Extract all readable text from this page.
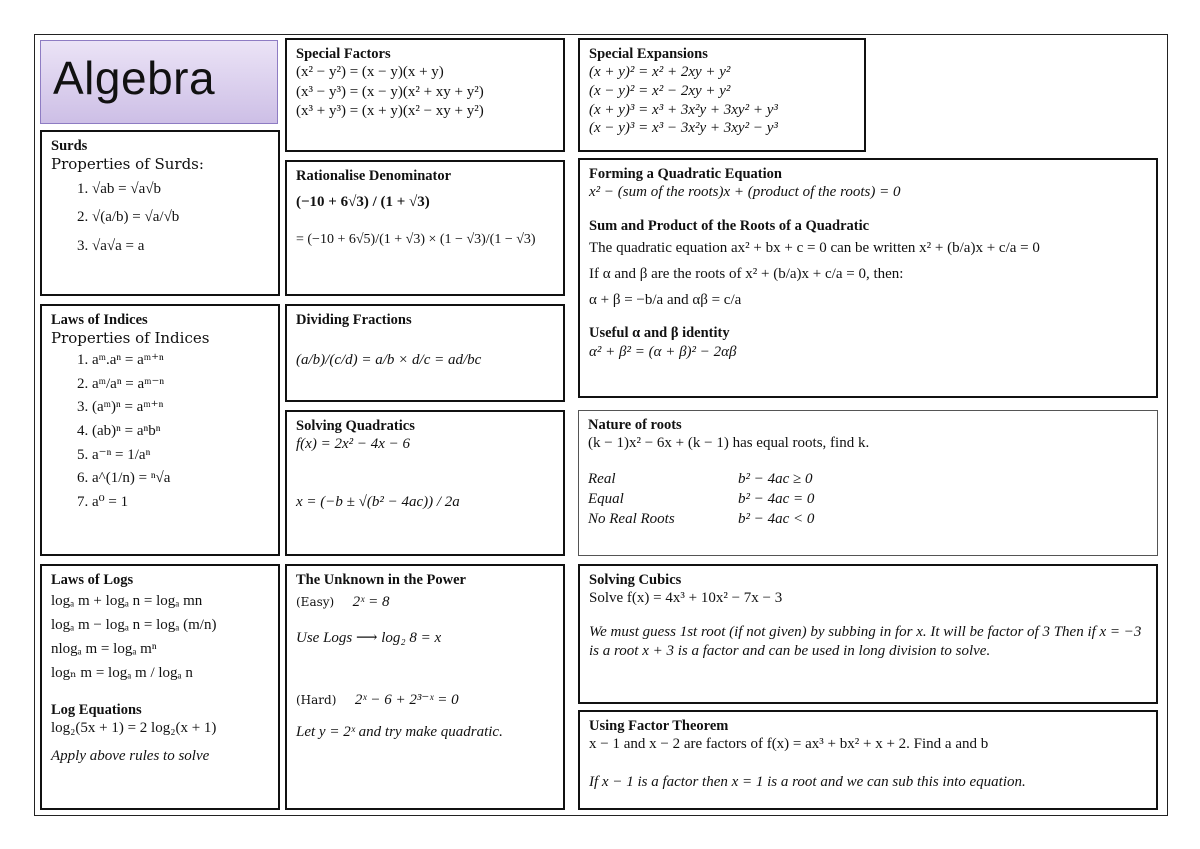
Algebra
Surds
Properties of Surds:
1. √ab = √a√b
2. √(a/b) = √a/√b
3. √a√a = a
Laws of Indices
Properties of Indices
1. aᵐ.aⁿ = aᵐ⁺ⁿ
2. aᵐ/aⁿ = aᵐ⁻ⁿ
3. (aᵐ)ⁿ = aᵐ⁺ⁿ
4. (ab)ⁿ = aⁿbⁿ
5. a⁻ⁿ = 1/aⁿ
6. a^(1/n) = ⁿ√a
7. a⁰ = 1
Laws of Logs
logₐ m + logₐ n = logₐ mn
logₐ m − logₐ n = logₐ (m/n)
nlogₐ m = logₐ mⁿ
logₙ m = logₐ m / logₐ n
Log Equations
log₂(5x + 1) = 2 log₂(x + 1)
Apply above rules to solve
Special Factors
(x² − y²) = (x − y)(x + y)
(x³ − y³) = (x − y)(x² + xy + y²)
(x³ + y³) = (x + y)(x² − xy + y²)
Rationalise Denominator
(−10 + 6√3) / (1 + √3)
= (−10 + 6√5)/(1 + √3) × (1 − √3)/(1 − √3)
Dividing Fractions
(a/b)/(c/d) = a/b × d/c = ad/bc
Solving Quadratics
f(x) = 2x² − 4x − 6
x = (−b ± √(b² − 4ac)) / 2a
The Unknown in the Power
(Easy) 2ˣ = 8
Use Logs ⟶ log₂ 8 = x
(Hard) 2ˣ − 6 + 2³⁻ˣ = 0
Let y = 2ˣ and try make quadratic.
Special Expansions
(x + y)² = x² + 2xy + y²
(x − y)² = x² − 2xy + y²
(x + y)³ = x³ + 3x²y + 3xy² + y³
(x − y)³ = x³ − 3x²y + 3xy² − y³
Forming a Quadratic Equation
x² − (sum of the roots)x + (product of the roots) = 0
Sum and Product of the Roots of a Quadratic
The quadratic equation ax² + bx + c = 0 can be written x² + (b/a)x + c/a = 0
If α and β are the roots of x² + (b/a)x + c/a = 0, then:
α + β = −b/a and αβ = c/a
Useful α and β identity
α² + β² = (α + β)² − 2αβ
Nature of roots
(k − 1)x² − 6x + (k − 1) has equal roots, find k.
Real	b² − 4ac ≥ 0
Equal	b² − 4ac = 0
No Real Roots	b² − 4ac < 0
Solving Cubics
Solve f(x) = 4x³ + 10x² − 7x − 3
We must guess 1st root (if not given) by subbing in for x. It will be factor of 3 Then if x = −3 is a root x + 3 is a factor and can be used in long division to solve.
Using Factor Theorem
x − 1 and x − 2 are factors of f(x) = ax³ + bx² + x + 2. Find a and b
If x − 1 is a factor then x = 1 is a root and we can sub this into equation.
